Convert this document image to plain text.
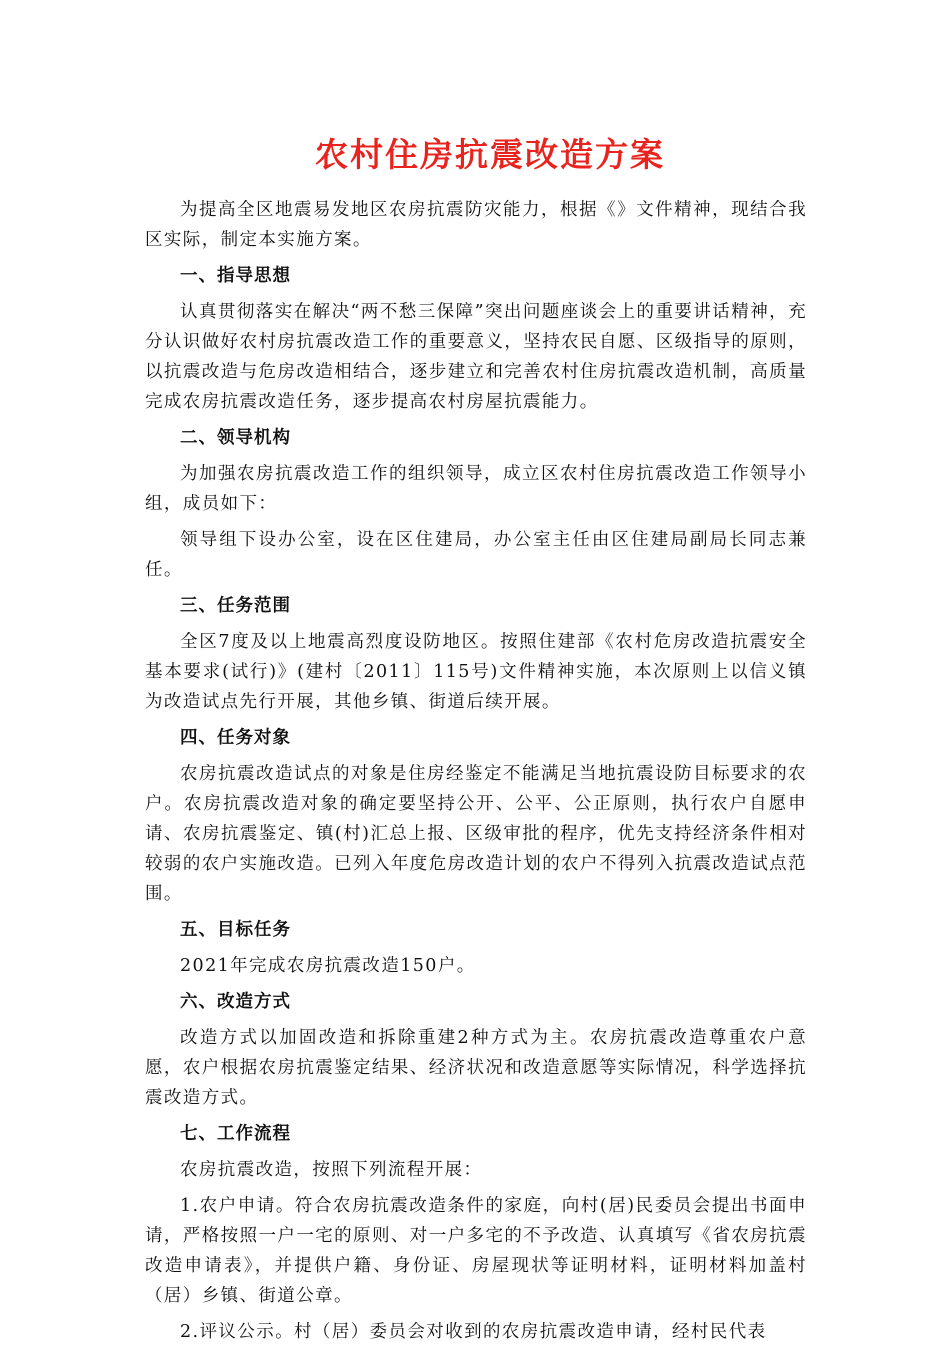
农村住房抗震改造方案

为提高全区地震易发地区农房抗震防灾能力，根据《》文件精神，现结合我区实际，制定本实施方案。

一、指导思想

认真贯彻落实在解决“两不愁三保障”突出问题座谈会上的重要讲话精神，充分认识做好农村房抗震改造工作的重要意义，坚持农民自愿、区级指导的原则，以抗震改造与危房改造相结合，逐步建立和完善农村住房抗震改造机制，高质量完成农房抗震改造任务，逐步提高农村房屋抗震能力。

二、领导机构

为加强农房抗震改造工作的组织领导，成立区农村住房抗震改造工作领导小组，成员如下：

领导组下设办公室，设在区住建局，办公室主任由区住建局副局长同志兼任。

三、任务范围

全区7度及以上地震高烈度设防地区。按照住建部《农村危房改造抗震安全基本要求(试行)》(建村〔2011〕115号)文件精神实施，本次原则上以信义镇为改造试点先行开展，其他乡镇、街道后续开展。

四、任务对象

农房抗震改造试点的对象是住房经鉴定不能满足当地抗震设防目标要求的农户。农房抗震改造对象的确定要坚持公开、公平、公正原则，执行农户自愿申请、农房抗震鉴定、镇(村)汇总上报、区级审批的程序，优先支持经济条件相对较弱的农户实施改造。已列入年度危房改造计划的农户不得列入抗震改造试点范围。

五、目标任务

2021年完成农房抗震改造150户。

六、改造方式

改造方式以加固改造和拆除重建2种方式为主。农房抗震改造尊重农户意愿，农户根据农房抗震鉴定结果、经济状况和改造意愿等实际情况，科学选择抗震改造方式。

七、工作流程

农房抗震改造，按照下列流程开展：

1.农户申请。符合农房抗震改造条件的家庭，向村(居)民委员会提出书面申请，严格按照一户一宅的原则、对一户多宅的不予改造、认真填写《省农房抗震改造申请表》，并提供户籍、身份证、房屋现状等证明材料，证明材料加盖村（居）乡镇、街道公章。

2.评议公示。村（居）委员会对收到的农房抗震改造申请，经村民代表
